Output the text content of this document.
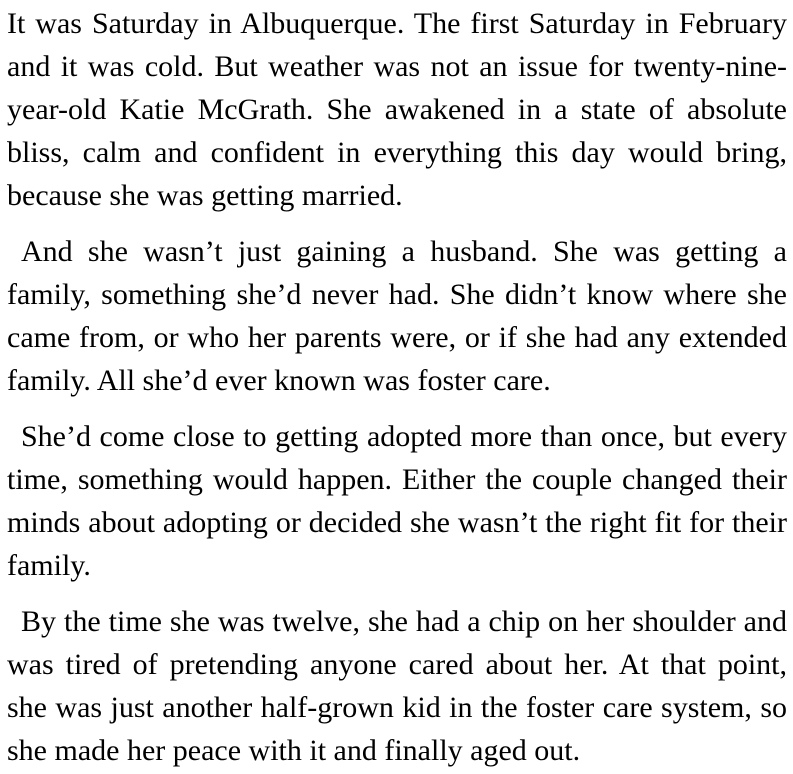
It was Saturday in Albuquerque. The first Saturday in February and it was cold. But weather was not an issue for twenty-nine-year-old Katie McGrath. She awakened in a state of absolute bliss, calm and confident in everything this day would bring, because she was getting married.

And she wasn’t just gaining a husband. She was getting a family, something she’d never had. She didn’t know where she came from, or who her parents were, or if she had any extended family. All she’d ever known was foster care.

She’d come close to getting adopted more than once, but every time, something would happen. Either the couple changed their minds about adopting or decided she wasn’t the right fit for their family.

By the time she was twelve, she had a chip on her shoulder and was tired of pretending anyone cared about her. At that point, she was just another half-grown kid in the foster care system, so she made her peace with it and finally aged out.
